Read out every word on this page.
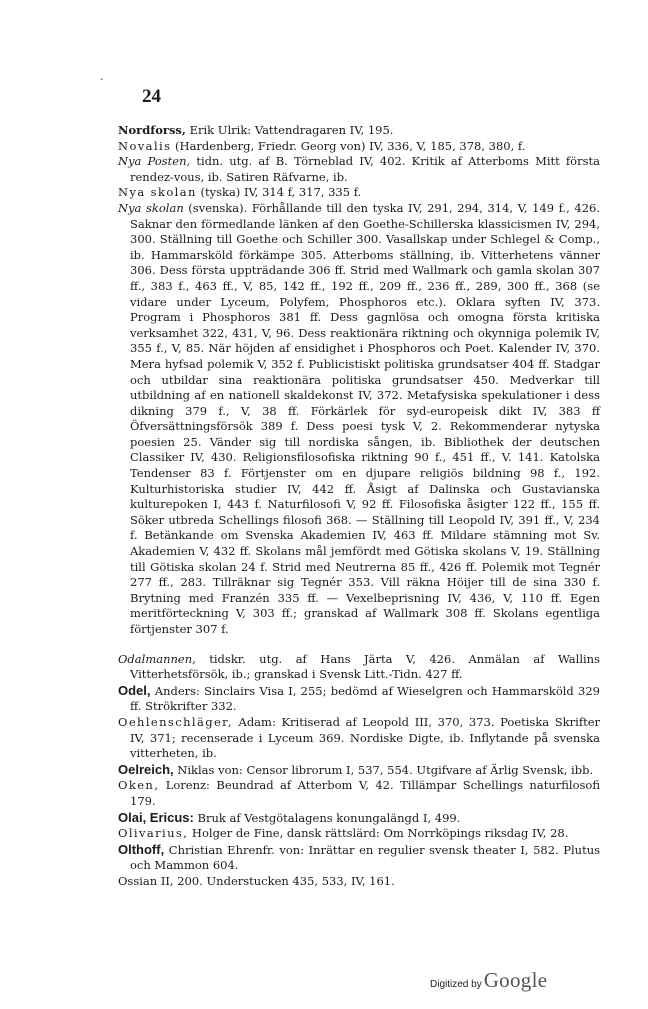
-
24

Nordforss, Erik Ulrik: Vattendragaren IV, 195.

Novalis (Hardenberg, Friedr. Georg von) IV, 336, V, 185, 378, 380, f.

Nya Posten, tidn. utg. af B. Törneblad IV, 402. Kritik af Atterboms Mitt första rendez-vous, ib. Satiren Räfvarne, ib.

Nya skolan (tyska) IV, 314 f, 317, 335 f.

Nya skolan (svenska). Förhållande till den tyska IV, 291, 294, 314, V, 149 f., 426. Saknar den förmedlande länken af den Goethe-Schillerska klassicismen IV, 294, 300. Ställning till Goethe och Schiller 300. Vasallskap under Schlegel & Comp., ib. Hammarsköld förkämpe 305. Atterboms ställning, ib. Vitterhetens vänner 306. Dess första uppträdande 306 ff. Strid med Wallmark och gamla skolan 307 ff., 383 f., 463 ff., V, 85, 142 ff., 192 ff., 209 ff., 236 ff., 289, 300 ff., 368 (se vidare under Lyceum, Polyfem, Phosphoros etc.). Oklara syften IV, 373. Program i Phosphoros 381 ff. Dess gagnlösa och omogna första kritiska verksamhet 322, 431, V, 96. Dess reaktionära riktning och okynniga polemik IV, 355 f., V, 85. När höjden af ensidighet i Phosphoros och Poet. Kalender IV, 370. Mera hyfsad polemik V, 352 f. Publicistiskt politiska grundsatser 404 ff. Stadgar och utbildar sina reaktionära politiska grundsatser 450. Medverkar till utbildning af en nationell skaldekonst IV, 372. Metafysiska spekulationer i dess dikning 379 f., V, 38 ff. Förkärlek för syd-europeisk dikt IV, 383 ff Öfversättningsförsök 389 f. Dess poesi tysk V, 2. Rekommenderar nytyska poesien 25. Vänder sig till nordiska sången, ib. Bibliothek der deutschen Classiker IV, 430. Religionsfilosofiska riktning 90 f., 451 ff., V. 141. Katolska Tendenser 83 f. Förtjenster om en djupare religiös bildning 98 f., 192. Kulturhistoriska studier IV, 442 ff. Åsigt af Dalinska och Gustavianska kulturepoken I, 443 f. Naturfilosofi V, 92 ff. Filosofiska åsigter 122 ff., 155 ff. Söker utbreda Schellings filosofi 368. — Ställning till Leopold IV, 391 ff., V, 234 f. Betänkande om Svenska Akademien IV, 463 ff. Mildare stämning mot Sv. Akademien V, 432 ff. Skolans mål jemfördt med Götiska skolans V, 19. Ställning till Götiska skolan 24 f. Strid med Neutrerna 85 ff., 426 ff. Polemik mot Tegnér 277 ff., 283. Tillräknar sig Tegnér 353. Vill räkna Höijer till de sina 330 f. Brytning med Franzén 335 ff. — Vexelbeprisning IV, 436, V, 110 ff. Egen meritförteckning V, 303 ff.; granskad af Wallmark 308 ff. Skolans egentliga förtjenster 307 f.

Odalmannen, tidskr. utg. af Hans Järta V, 426. Anmälan af Wallins Vitterhetsförsök, ib.; granskad i Svensk Litt.-Tidn. 427 ff.

Odel, Anders: Sinclairs Visa I, 255; bedömd af Wieselgren och Hammarsköld 329 ff. Strökrifter 332.

Oehlenschläger, Adam: Kritiserad af Leopold III, 370, 373. Poetiska Skrifter IV, 371; recenserade i Lyceum 369. Nordiske Digte, ib. Inflytande på svenska vitterheten, ib.

Oelreich, Niklas von: Censor librorum I, 537, 554. Utgifvare af Ärlig Svensk, ibb.

Oken, Lorenz: Beundrad af Atterbom V, 42. Tillämpar Schellings naturfilosofi 179.

Olai, Ericus: Bruk af Vestgötalagens konungalängd I, 499.

Olivarius, Holger de Fine, dansk rättslärd: Om Norrköpings riksdag IV, 28.

Olthoff, Christian Ehrenfr. von: Inrättar en regulier svensk theater I, 582. Plutus och Mammon 604.

Ossian II, 200. Understucken 435, 533, IV, 161.

Digitized by Google
